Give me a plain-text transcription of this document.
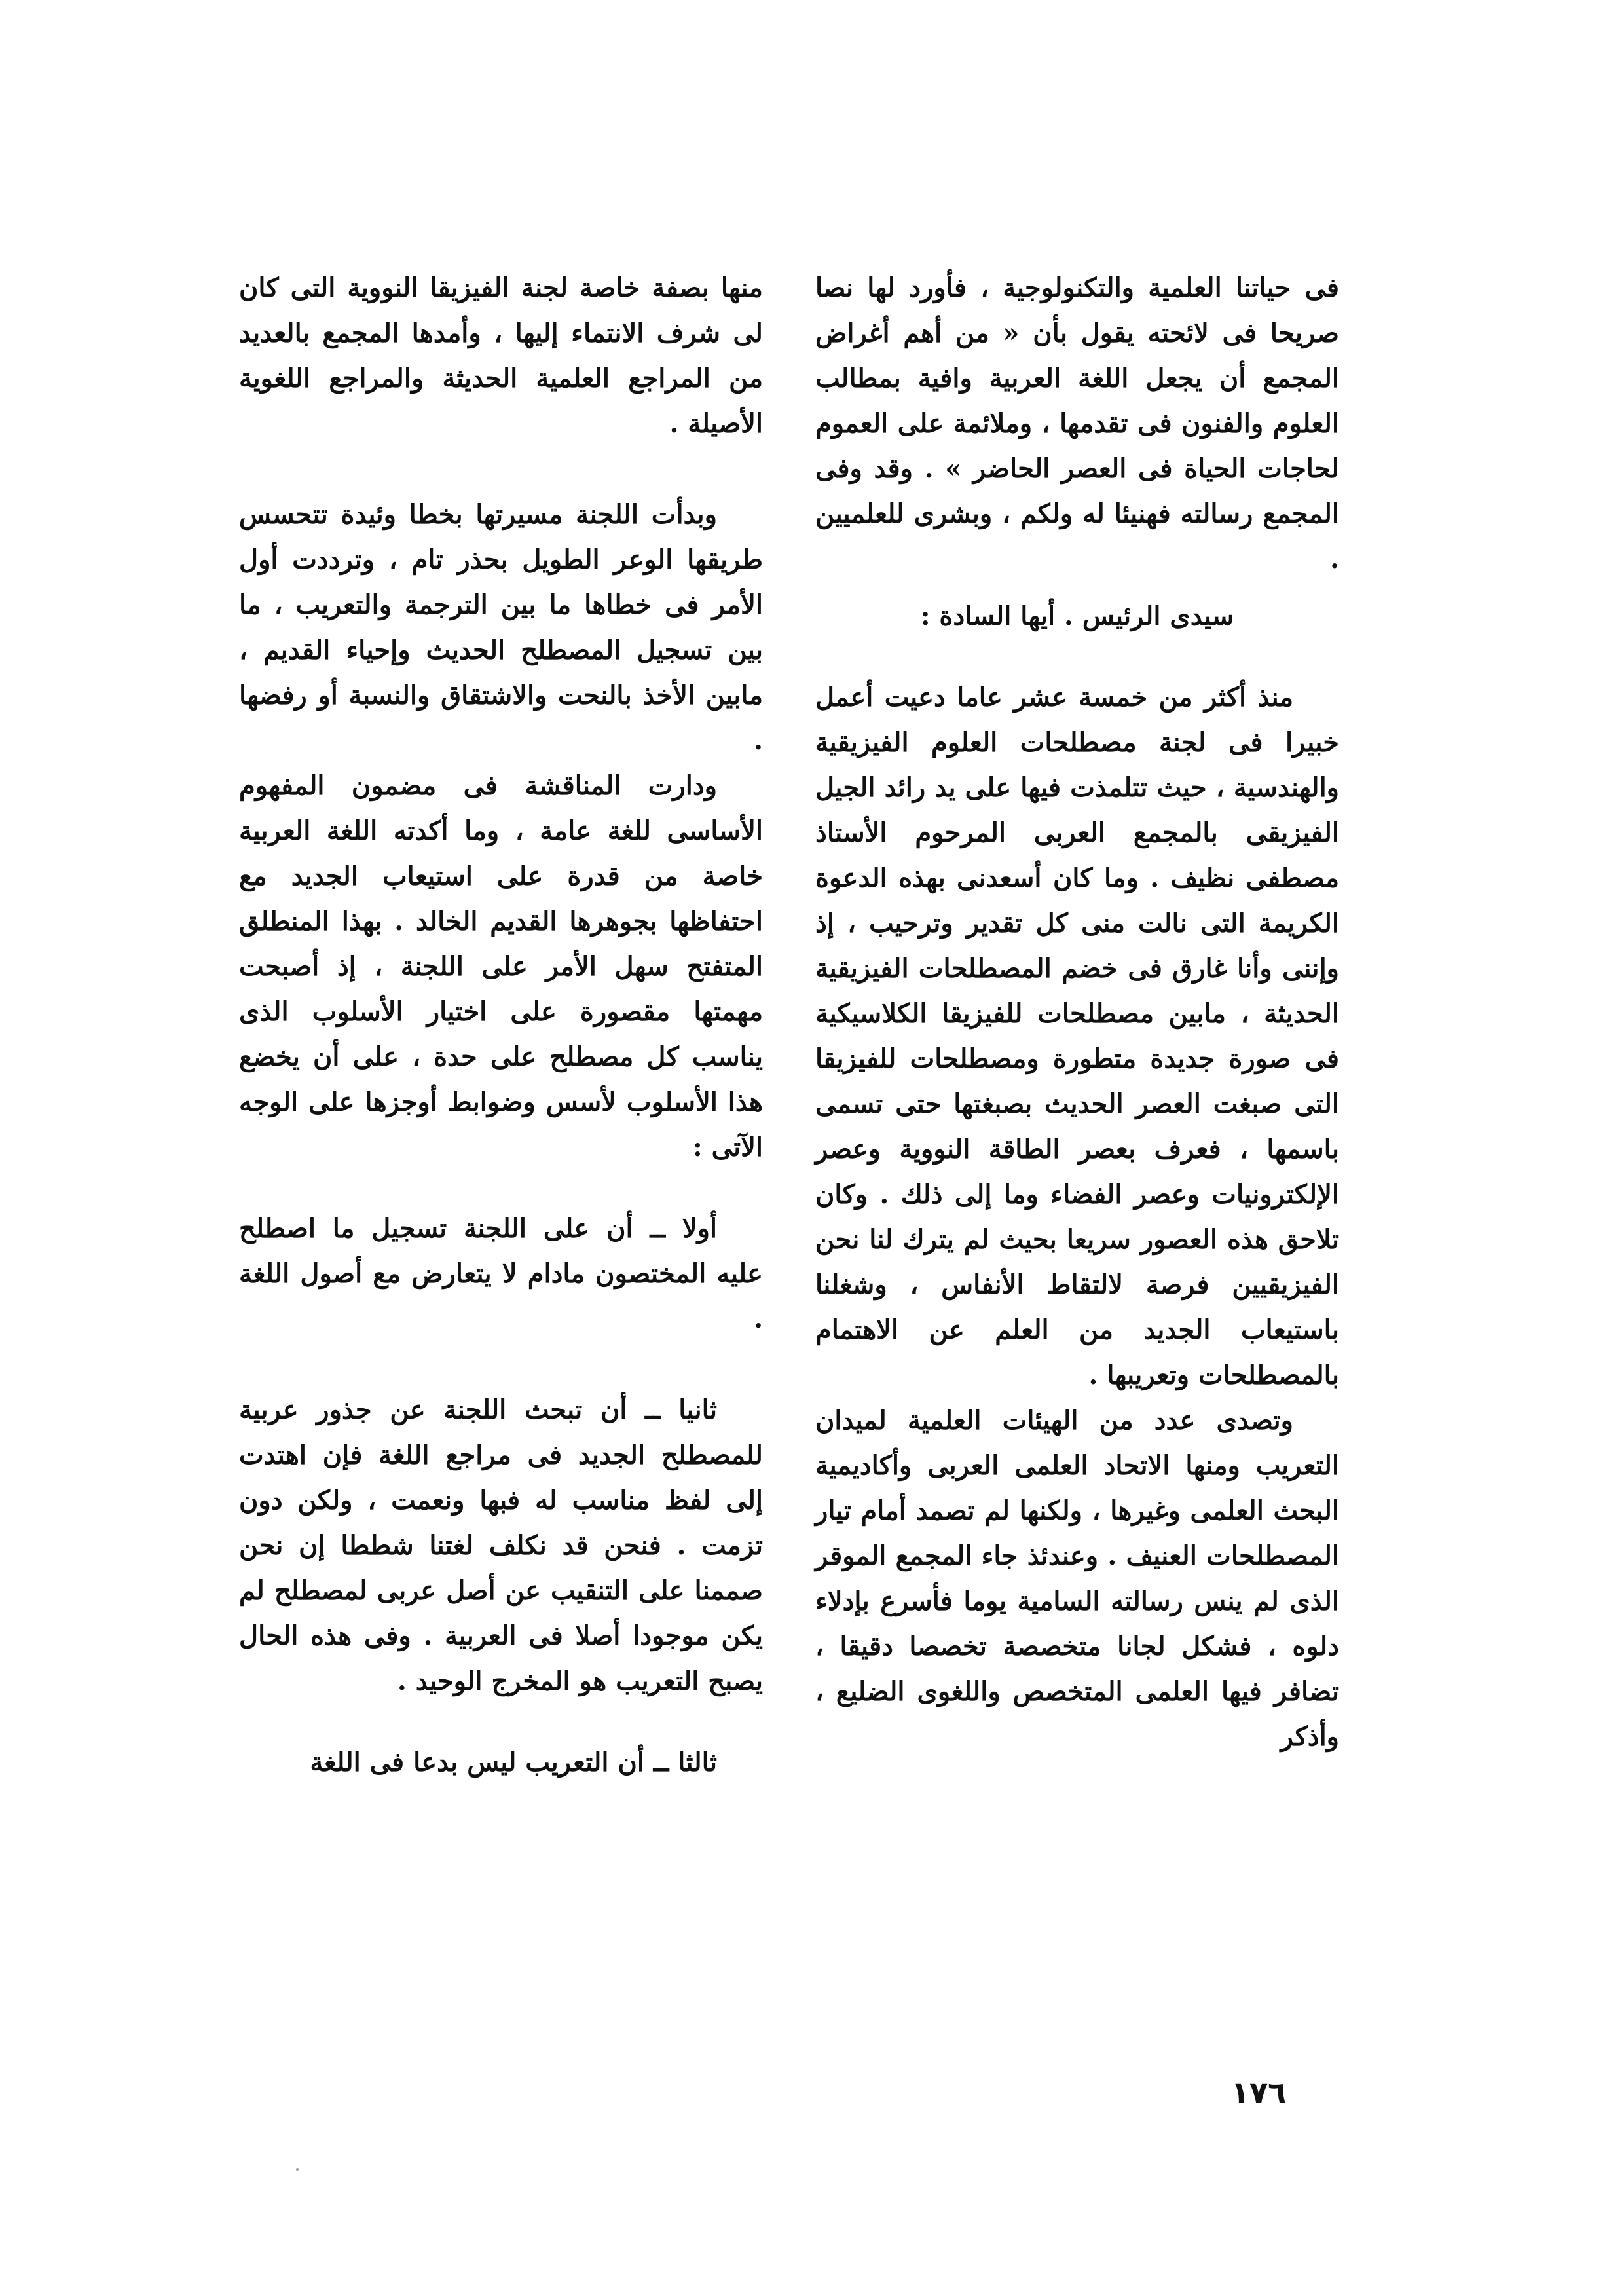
فى حياتنا العلمية والتكنولوجية ، فأورد لها نصا صريحا فى لائحته يقول بأن « من أهم أغراض المجمع أن يجعل اللغة العربية وافية بمطالب العلوم والفنون فى تقدمها ، وملائمة على العموم لحاجات الحياة فى العصر الحاضر » . وقد وفى المجمع رسالته فهنيئا له ولكم ، وبشرى للعلميين .

سيدى الرئيس . أيها السادة :

منذ أكثر من خمسة عشر عاما دعيت أعمل خبيرا فى لجنة مصطلحات العلوم الفيزيقية والهندسية ، حيث تتلمذت فيها على يد رائد الجيل الفيزيقى بالمجمع العربى المرحوم الأستاذ مصطفى نظيف . وما كان أسعدنى بهذه الدعوة الكريمة التى نالت منى كل تقدير وترحيب ، إذ وإننى وأنا غارق فى خضم المصطلحات الفيزيقية الحديثة ، مابين مصطلحات للفيزيقا الكلاسيكية فى صورة جديدة متطورة ومصطلحات للفيزيقا التى صبغت العصر الحديث بصبغتها حتى تسمى باسمها ، فعرف بعصر الطاقة النووية وعصر الإلكترونيات وعصر الفضاء وما إلى ذلك . وكان تلاحق هذه العصور سريعا بحيث لم يترك لنا نحن الفيزيقيين فرصة لالتقاط الأنفاس ، وشغلنا باستيعاب الجديد من العلم عن الاهتمام بالمصطلحات وتعريبها .

وتصدى عدد من الهيئات العلمية لميدان التعريب ومنها الاتحاد العلمى العربى وأكاديمية البحث العلمى وغيرها ، ولكنها لم تصمد أمام تيار المصطلحات العنيف . وعندئذ جاء المجمع الموقر الذى لم ينس رسالته السامية يوما فأسرع بإدلاء دلوه ، فشكل لجانا متخصصة تخصصا دقيقا ، تضافر فيها العلمى المتخصص واللغوى الضليع ، وأذكر

منها بصفة خاصة لجنة الفيزيقا النووية التى كان لى شرف الانتماء إليها ، وأمدها المجمع بالعديد من المراجع العلمية الحديثة والمراجع اللغوية الأصيلة .

وبدأت اللجنة مسيرتها بخطا وئيدة تتحسس طريقها الوعر الطويل بحذر تام ، وترددت أول الأمر فى خطاها ما بين الترجمة والتعريب ، ما بين تسجيل المصطلح الحديث وإحياء القديم ، مابين الأخذ بالنحت والاشتقاق والنسبة أو رفضها .

ودارت المناقشة فى مضمون المفهوم الأساسى للغة عامة ، وما أكدته اللغة العربية خاصة من قدرة على استيعاب الجديد مع احتفاظها بجوهرها القديم الخالد . بهذا المنطلق المتفتح سهل الأمر على اللجنة ، إذ أصبحت مهمتها مقصورة على اختيار الأسلوب الذى يناسب كل مصطلح على حدة ، على أن يخضع هذا الأسلوب لأسس وضوابط أوجزها على الوجه الآتى :

أولا ــ أن على اللجنة تسجيل ما اصطلح عليه المختصون مادام لا يتعارض مع أصول اللغة .

ثانيا ــ أن تبحث اللجنة عن جذور عربية للمصطلح الجديد فى مراجع اللغة فإن اهتدت إلى لفظ مناسب له فبها ونعمت ، ولكن دون تزمت . فنحن قد نكلف لغتنا شططا إن نحن صممنا على التنقيب عن أصل عربى لمصطلح لم يكن موجودا أصلا فى العربية . وفى هذه الحال يصبح التعريب هو المخرج الوحيد .

ثالثا ــ أن التعريب ليس بدعا فى اللغة

١٧٦
